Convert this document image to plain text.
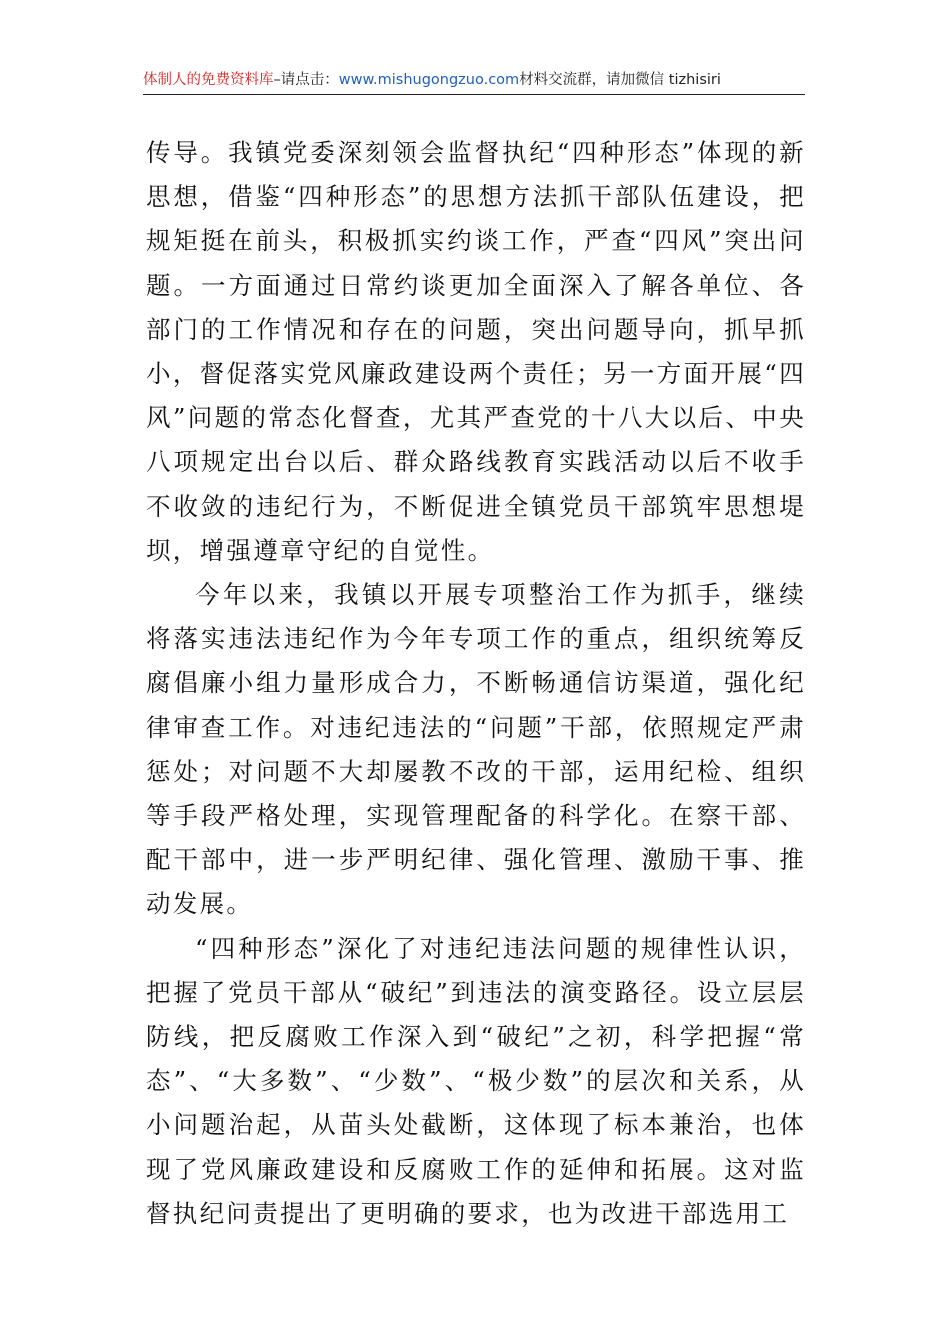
体制人的免费资料库–请点击：www.mishugongzuo.com材料交流群，请加微信 tizhisiri

传导。我镇党委深刻领会监督执纪“四种形态”体现的新思想，借鉴“四种形态”的思想方法抓干部队伍建设，把规矩挺在前头，积极抓实约谈工作，严查“四风”突出问题。一方面通过日常约谈更加全面深入了解各单位、各部门的工作情况和存在的问题，突出问题导向，抓早抓小，督促落实党风廉政建设两个责任；另一方面开展“四风”问题的常态化督查，尤其严查党的十八大以后、中央八项规定出台以后、群众路线教育实践活动以后不收手不收敛的违纪行为，不断促进全镇党员干部筑牢思想堤坝，增强遵章守纪的自觉性。

今年以来，我镇以开展专项整治工作为抓手，继续将落实违法违纪作为今年专项工作的重点，组织统筹反腐倡廉小组力量形成合力，不断畅通信访渠道，强化纪律审查工作。对违纪违法的“问题”干部，依照规定严肃惩处；对问题不大却屡教不改的干部，运用纪检、组织等手段严格处理，实现管理配备的科学化。在察干部、配干部中，进一步严明纪律、强化管理、激励干事、推动发展。

“四种形态”深化了对违纪违法问题的规律性认识，把握了党员干部从“破纪”到违法的演变路径。设立层层防线，把反腐败工作深入到“破纪”之初，科学把握“常态”、“大多数”、“少数”、“极少数”的层次和关系，从小问题治起，从苗头处截断，这体现了标本兼治，也体现了党风廉政建设和反腐败工作的延伸和拓展。这对监督执纪问责提出了更明确的要求，也为改进干部选用工
